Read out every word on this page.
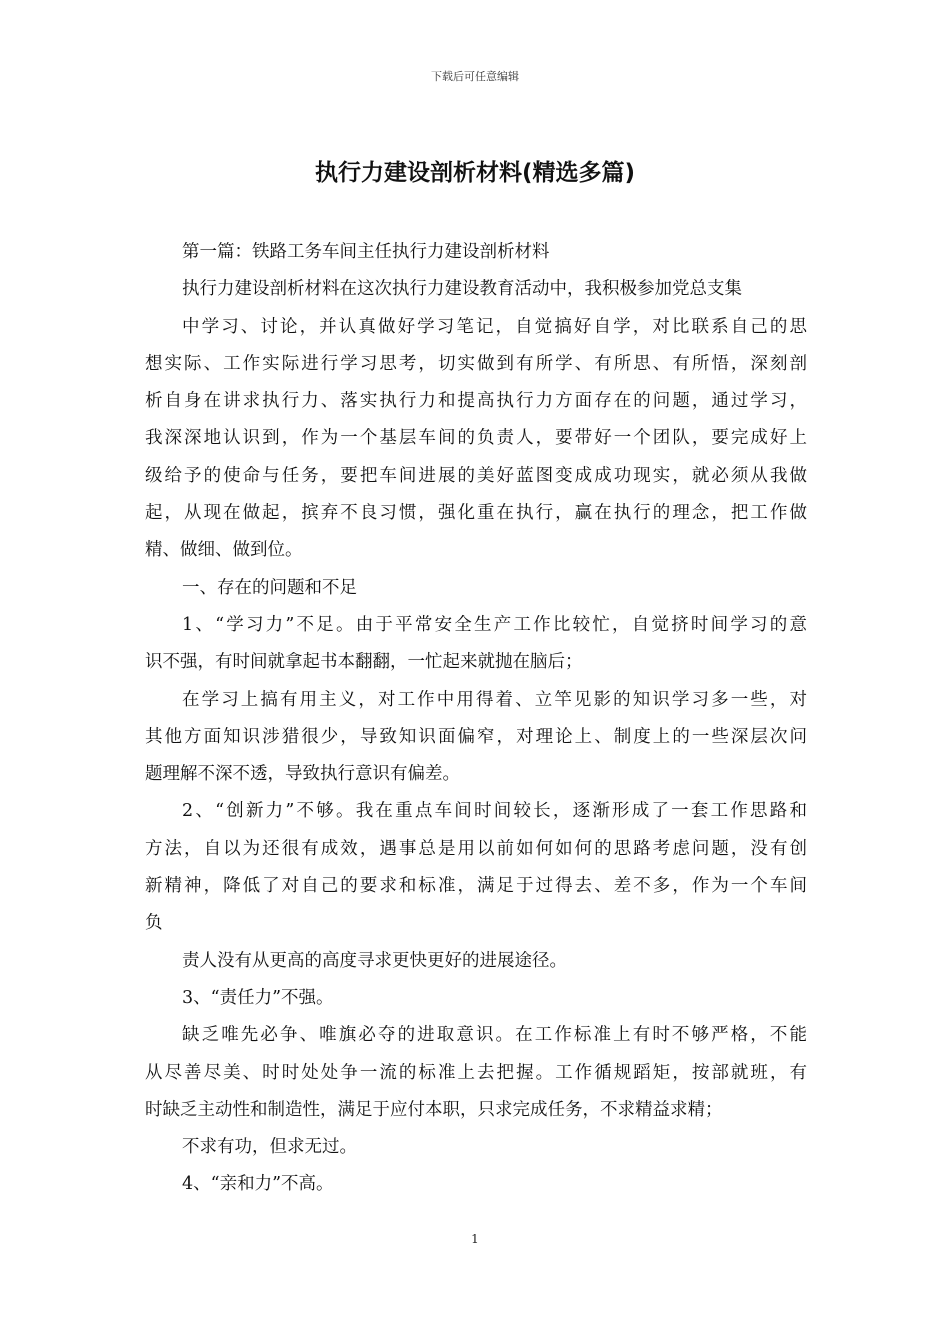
下载后可任意编辑
执行力建设剖析材料(精选多篇)
第一篇：铁路工务车间主任执行力建设剖析材料
执行力建设剖析材料在这次执行力建设教育活动中，我积极参加党总支集
中学习、讨论，并认真做好学习笔记，自觉搞好自学，对比联系自己的思
想实际、工作实际进行学习思考，切实做到有所学、有所思、有所悟，深刻剖
析自身在讲求执行力、落实执行力和提高执行力方面存在的问题，通过学习，
我深深地认识到，作为一个基层车间的负责人，要带好一个团队，要完成好上
级给予的使命与任务，要把车间进展的美好蓝图变成成功现实，就必须从我做
起，从现在做起，摈弃不良习惯，强化重在执行，赢在执行的理念，把工作做
精、做细、做到位。
一、存在的问题和不足
1、“学习力”不足。由于平常安全生产工作比较忙，自觉挤时间学习的意
识不强，有时间就拿起书本翻翻，一忙起来就抛在脑后；
在学习上搞有用主义，对工作中用得着、立竿见影的知识学习多一些，对
其他方面知识涉猎很少，导致知识面偏窄，对理论上、制度上的一些深层次问
题理解不深不透，导致执行意识有偏差。
2、“创新力”不够。我在重点车间时间较长，逐渐形成了一套工作思路和
方法，自以为还很有成效，遇事总是用以前如何如何的思路考虑问题，没有创
新精神，降低了对自己的要求和标准，满足于过得去、差不多，作为一个车间
负
责人没有从更高的高度寻求更快更好的进展途径。
3、“责任力”不强。
缺乏唯先必争、唯旗必夺的进取意识。在工作标准上有时不够严格，不能
从尽善尽美、时时处处争一流的标准上去把握。工作循规蹈矩，按部就班，有
时缺乏主动性和制造性，满足于应付本职，只求完成任务，不求精益求精；
不求有功，但求无过。
4、“亲和力”不高。
1
